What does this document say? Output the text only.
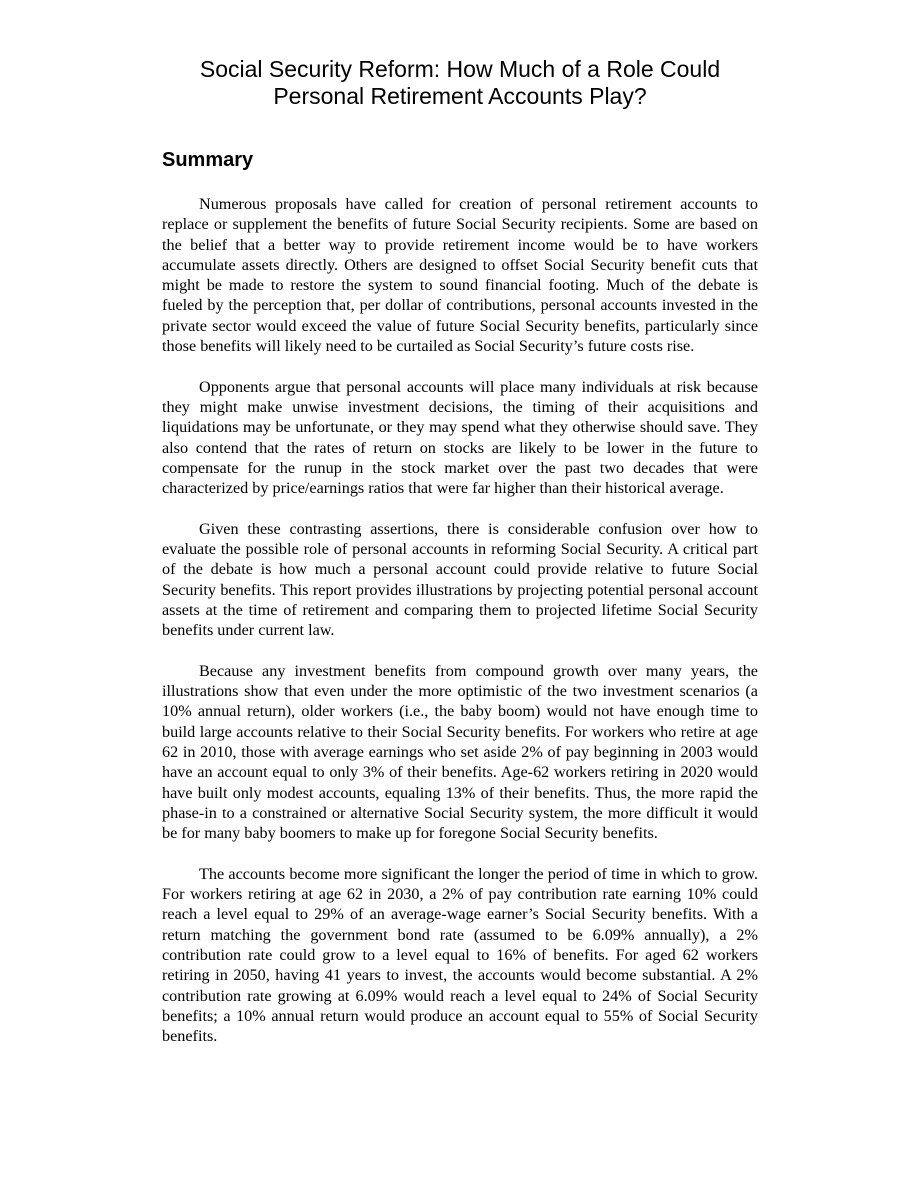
Social Security Reform: How Much of a Role Could
Personal Retirement Accounts Play?
Summary

Numerous proposals have called for creation of personal retirement accounts to replace or supplement the benefits of future Social Security recipients. Some are based on the belief that a better way to provide retirement income would be to have workers accumulate assets directly. Others are designed to offset Social Security benefit cuts that might be made to restore the system to sound financial footing. Much of the debate is fueled by the perception that, per dollar of contributions, personal accounts invested in the private sector would exceed the value of future Social Security benefits, particularly since those benefits will likely need to be curtailed as Social Security’s future costs rise.

Opponents argue that personal accounts will place many individuals at risk because they might make unwise investment decisions, the timing of their acquisitions and liquidations may be unfortunate, or they may spend what they otherwise should save. They also contend that the rates of return on stocks are likely to be lower in the future to compensate for the runup in the stock market over the past two decades that were characterized by price/earnings ratios that were far higher than their historical average.

Given these contrasting assertions, there is considerable confusion over how to evaluate the possible role of personal accounts in reforming Social Security. A critical part of the debate is how much a personal account could provide relative to future Social Security benefits. This report provides illustrations by projecting potential personal account assets at the time of retirement and comparing them to projected lifetime Social Security benefits under current law.

Because any investment benefits from compound growth over many years, the illustrations show that even under the more optimistic of the two investment scenarios (a 10% annual return), older workers (i.e., the baby boom) would not have enough time to build large accounts relative to their Social Security benefits. For workers who retire at age 62 in 2010, those with average earnings who set aside 2% of pay beginning in 2003 would have an account equal to only 3% of their benefits. Age-62 workers retiring in 2020 would have built only modest accounts, equaling 13% of their benefits. Thus, the more rapid the phase-in to a constrained or alternative Social Security system, the more difficult it would be for many baby boomers to make up for foregone Social Security benefits.

The accounts become more significant the longer the period of time in which to grow. For workers retiring at age 62 in 2030, a 2% of pay contribution rate earning 10% could reach a level equal to 29% of an average-wage earner’s Social Security benefits. With a return matching the government bond rate (assumed to be 6.09% annually), a 2% contribution rate could grow to a level equal to 16% of benefits. For aged 62 workers retiring in 2050, having 41 years to invest, the accounts would become substantial. A 2% contribution rate growing at 6.09% would reach a level equal to 24% of Social Security benefits; a 10% annual return would produce an account equal to 55% of Social Security benefits.
